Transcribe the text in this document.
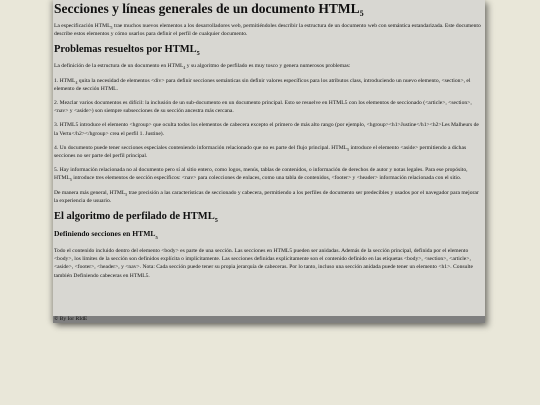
Secciones y líneas generales de un documento $HTML_5$

La especificación $HTML_5$ trae muchos nuevos elementos a los desarrolladores web, permitiéndoles describir la estructura de un documento web con semántica estandarizada. Este documento describe estos elementos y cómo usarlos para definir el perfil de cualquier documento.

Problemas resueltos por $HTML_5$

La definición de la estructura de un documento en $HTML_4$ y su algoritmo de perfilado es muy tosco y genera numerosos problemas:

1. $HTML_4$ quita la necesidad de elementos <div> para definir secciones semánticas sin definir valores específicos para los atributos class, introduciendo un nuevo elemento, <section>, el elemento de sección HTML.

2. Mezclar varios documentos es difícil: la inclusión de un sub-documento en un documento principal. Esto se resuelve en HTML5 con los elementos de seccionado (<article>, <section>, <nav> y <aside>) son siempre subsecciones de su sección ancestra más cercana.

3. HTML5 introduce el elemento <hgroup> que oculta todos los elementos de cabecera excepto el primero de más alto rango (por ejemplo, <hgroup><h1>Justine</h1><h2>Les Malheurs de la Vertu</h2></hgroup> crea el perfil 1. Justine).

4. Un documento puede tener secciones especiales conteniendo información relacionado que no es parte del flujo principal. $HTML_5$ introduce el elemento <aside> permitiendo a dichas secciones no ser parte del perfil principal.

5. Hay información relacionada no al documento pero sí al sitio entero, como logos, menús, tablas de contenidos, o información de derechos de autor y notas legales. Para ese propósito, $HTML_5$ introduce tres elementos de sección específicos: <nav> para colecciones de enlaces, como una tabla de contenidos, <footer> y <header> información relacionada con el sitio.

De manera más general, $HTML_5$ trae precisión a las características de seccionado y cabecera, permitiendo a los perfiles de documento ser predecibles y usados por el navegador para mejorar la experiencia de usuario.

El algoritmo de perfilado de $HTML_5$
Definiendo secciones en $HTML_5$

Todo el contenido incluido dentro del elemento <body> es parte de una sección. Las secciones en HTML5 pueden ser anidadas. Además de la sección principal, definida por el elemento <body>, los límites de la sección son definidos explícita o implícitamente. Las secciones definidas explícitamente son el contenido definido en las etiquetas <body>, <section>, <article>, <aside>, <footer>, <header>, y <nav>. Nota: Cada sección puede tener su propia jerarquía de cabeceras. Por lo tanto, incluso una sección anidada puede tener un elemento <h1>. Consulte también Definiendo cabeceras en HTML5.

© By Ior RIdE
